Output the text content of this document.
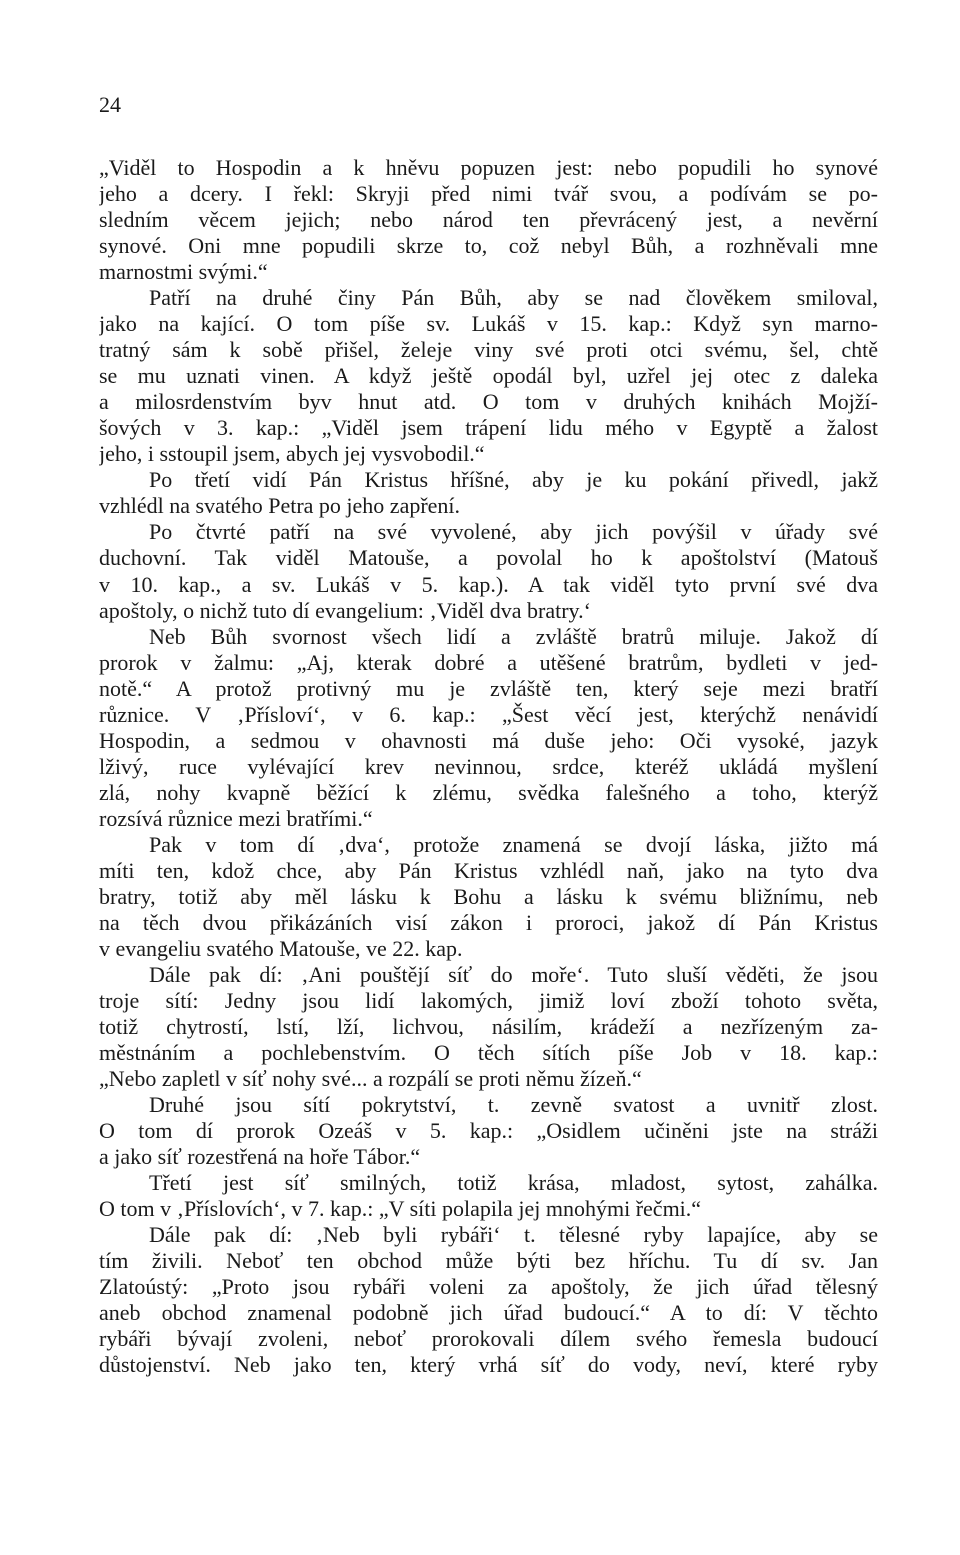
24
„Viděl to Hospodin a k hněvu popuzen jest: nebo popudili ho synové
jeho a dcery. I řekl: Skryji před nimi tvář svou, a podívám se po-
sledním věcem jejich; nebo národ ten převrácený jest, a nevěrní
synové. Oni mne popudili skrze to, což nebyl Bůh, a rozhněvali mne
marnostmi svými.“
Patří na druhé činy Pán Bůh, aby se nad člověkem smiloval,
jako na kající. O tom píše sv. Lukáš v 15. kap.: Když syn marno-
tratný sám k sobě přišel, želeje viny své proti otci svému, šel, chtě
se mu uznati vinen. A když ještě opodál byl, uzřel jej otec z daleka
a milosrdenstvím byv hnut atd. O tom v druhých knihách Mojží-
šových v 3. kap.: „Viděl jsem trápení lidu mého v Egyptě a žalost
jeho, i sstoupil jsem, abych jej vysvobodil.“
Po třetí vidí Pán Kristus hříšné, aby je ku pokání přivedl, jakž
vzhlédl na svatého Petra po jeho zapření.
Po čtvrté patří na své vyvolené, aby jich povýšil v úřady své
duchovní. Tak viděl Matouše, a povolal ho k apoštolství (Matouš
v 10. kap., a sv. Lukáš v 5. kap.). A tak viděl tyto první své dva
apoštoly, o nichž tuto dí evangelium: ‚Viděl dva bratry.‘
Neb Bůh svornost všech lidí a zvláště bratrů miluje. Jakož dí
prorok v žalmu: „Aj, kterak dobré a utěšené bratrům, bydleti v jed-
notě.“ A protož protivný mu je zvláště ten, který seje mezi bratří
různice. V ‚Přísloví‘, v 6. kap.: „Šest věcí jest, kterýchž nenávidí
Hospodin, a sedmou v ohavnosti má duše jeho: Oči vysoké, jazyk
lživý, ruce vylévající krev nevinnou, srdce, kteréž ukládá myšlení
zlá, nohy kvapně běžící k zlému, svědka falešného a toho, kterýž
rozsívá různice mezi bratřími.“
Pak v tom dí ‚dva‘, protože znamená se dvojí láska, jižto má
míti ten, kdož chce, aby Pán Kristus vzhlédl naň, jako na tyto dva
bratry, totiž aby měl lásku k Bohu a lásku k svému bližnímu, neb
na těch dvou přikázáních visí zákon i proroci, jakož dí Pán Kristus
v evangeliu svatého Matouše, ve 22. kap.
Dále pak dí: ‚Ani pouštějí síť do moře‘. Tuto sluší věděti, že jsou
troje sítí: Jedny jsou lidí lakomých, jimiž loví zboží tohoto světa,
totiž chytrostí, lstí, lží, lichvou, násilím, krádeží a nezřízeným za-
městnáním a pochlebenstvím. O těch sítích píše Job v 18. kap.:
„Nebo zapletl v síť nohy své... a rozpálí se proti němu žízeň.“
Druhé jsou sítí pokrytství, t. zevně svatost a uvnitř zlost.
O tom dí prorok Ozeáš v 5. kap.: „Osidlem učiněni jste na stráži
a jako síť rozestřená na hoře Tábor.“
Třetí jest síť smilných, totiž krása, mladost, sytost, zahálka.
O tom v ‚Příslovích‘, v 7. kap.: „V síti polapila jej mnohými řečmi.“
Dále pak dí: ‚Neb byli rybáři‘ t. tělesné ryby lapajíce, aby se
tím živili. Neboť ten obchod může býti bez hříchu. Tu dí sv. Jan
Zlatoústý: „Proto jsou rybáři voleni za apoštoly, že jich úřad tělesný
aneb obchod znamenal podobně jich úřad budoucí.“ A to dí: V těchto
rybáři bývají zvoleni, neboť prorokovali dílem svého řemesla budoucí
důstojenství. Neb jako ten, který vrhá síť do vody, neví, které ryby
